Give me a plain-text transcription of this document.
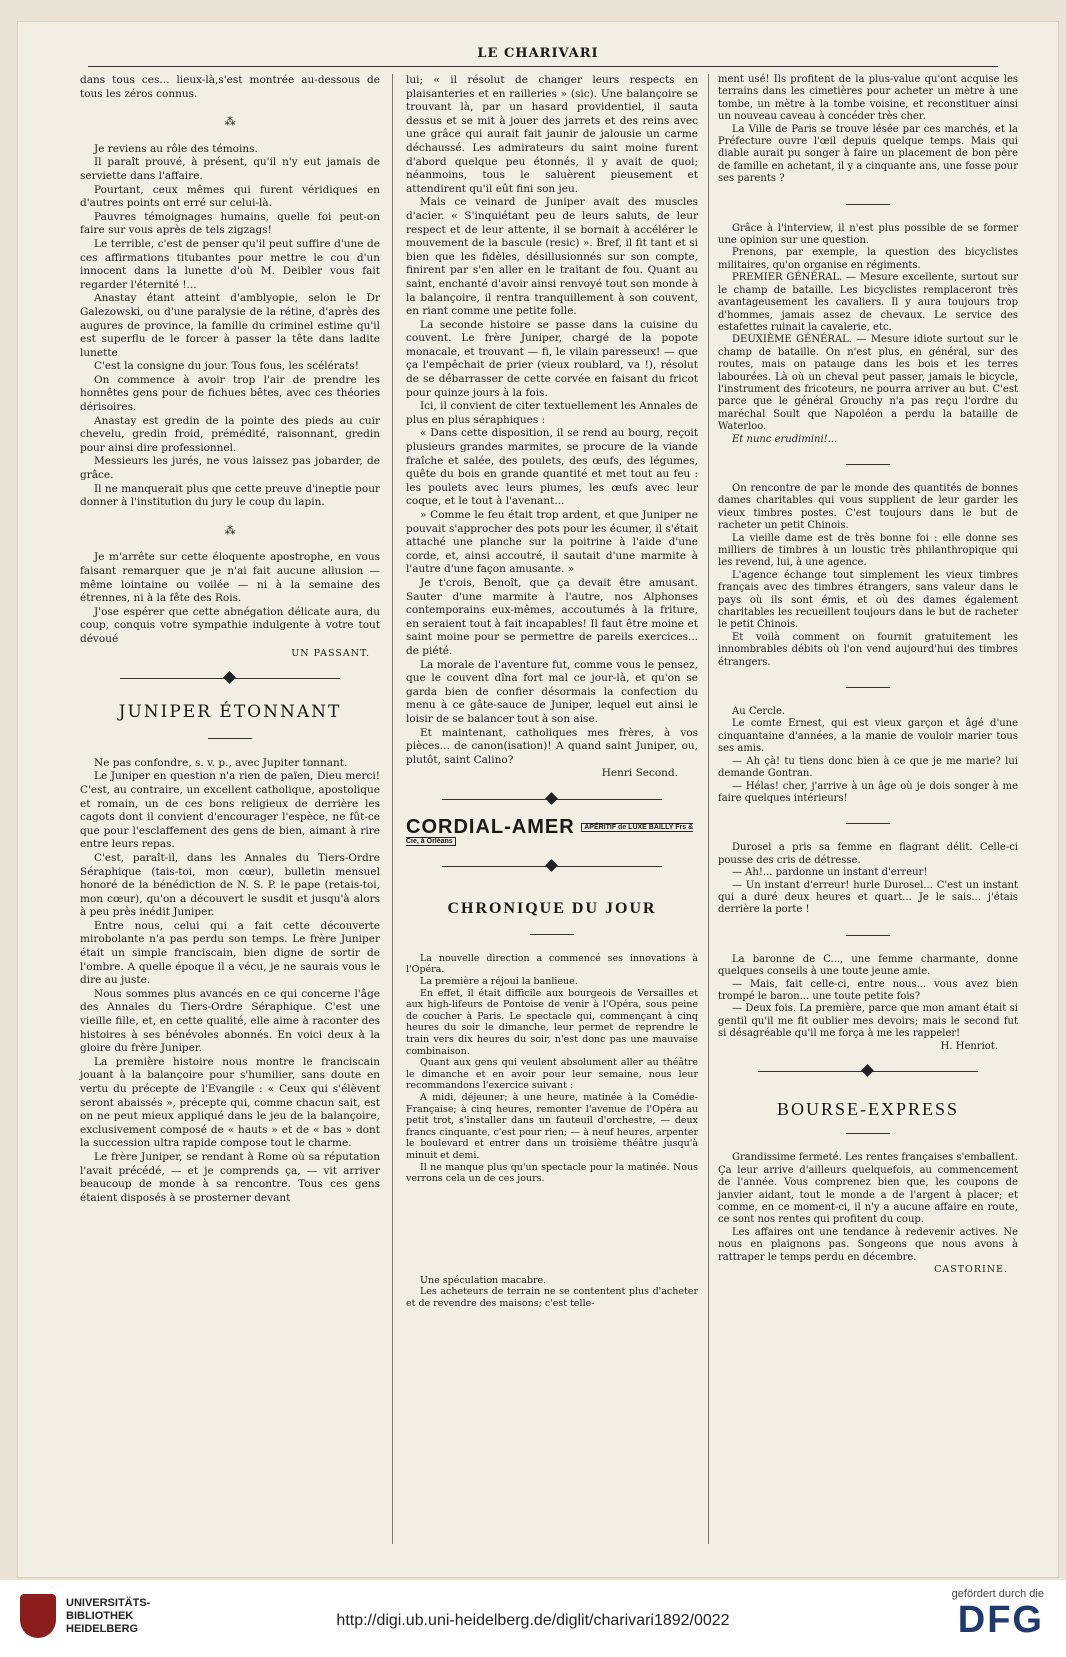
LE CHARIVARI

dans tous ces... lieux-là,s'est montrée au-dessous de tous les zéros connus.

⁂

Je reviens au rôle des témoins.

Il paraît prouvé, à présent, qu'il n'y eut jamais de serviette dans l'affaire.

Pourtant, ceux mêmes qui furent véridiques en d'autres points ont erré sur celui-là.

Pauvres témoignages humains, quelle foi peut-on faire sur vous après de tels zigzags!

Le terrible, c'est de penser qu'il peut suffire d'une de ces affirmations titubantes pour mettre le cou d'un innocent dans la lunette d'où M. Deibler vous fait regarder l'éternité !...

Anastay étant atteint d'amblyopie, selon le Dr Galezowski, ou d'une paralysie de la rétine, d'après des augures de province, la famille du criminel estime qu'il est superflu de le forcer à passer la tête dans ladite lunette

C'est la consigne du jour. Tous fous, les scélérats!

On commence à avoir trop l'air de prendre les honnêtes gens pour de fichues bêtes, avec ces théories dérisoires.

Anastay est gredin de la pointe des pieds au cuir chevelu, gredin froid, prémédité, raisonnant, gredin pour ainsi dire professionnel.

Messieurs les jurés, ne vous laissez pas jobarder, de grâce.

Il ne manquerait plus que cette preuve d'ineptie pour donner à l'institution du jury le coup du lapin.

⁂

Je m'arrête sur cette éloquente apostrophe, en vous faisant remarquer que je n'ai fait aucune allusion — même lointaine ou voilée — ni à la semaine des étrennes, ni à la fête des Rois.

J'ose espérer que cette abnégation délicate aura, du coup, conquis votre sympathie indulgente à votre tout dévoué

UN PASSANT.
JUNIPER ÉTONNANT

Ne pas confondre, s. v. p., avec Jupiter tonnant.

Le Juniper en question n'a rien de païen, Dieu merci! C'est, au contraire, un excellent catholique, apostolique et romain, un de ces bons religieux de derrière les cagots dont il convient d'encourager l'espèce, ne fût-ce que pour l'esclaffement des gens de bien, aimant à rire entre leurs repas.

C'est, paraît-il, dans les Annales du Tiers-Ordre Séraphique (tais-toi, mon cœur), bulletin mensuel honoré de la bénédiction de N. S. P. le pape (retais-toi, mon cœur), qu'on a découvert le susdit et jusqu'à alors à peu près inédit Juniper.

Entre nous, celui qui a fait cette découverte mirobolante n'a pas perdu son temps. Le frère Juniper était un simple franciscain, bien digne de sortir de l'ombre. A quelle époque il a vécu, je ne saurais vous le dire au juste.

Nous sommes plus avancés en ce qui concerne l'âge des Annales du Tiers-Ordre Séraphique. C'est une vieille fille, et, en cette qualité, elle aime à raconter des histoires à ses bénévoles abonnés. En voici deux à la gloire du frère Juniper.

La première histoire nous montre le franciscain jouant à la balançoire pour s'humilier, sans doute en vertu du précepte de l'Evangile : « Ceux qui s'élèvent seront abaissés », précepte qui, comme chacun sait, est on ne peut mieux appliqué dans le jeu de la balançoire, exclusivement composé de « hauts » et de « bas » dont la succession ultra rapide compose tout le charme.

Le frère Juniper, se rendant à Rome où sa réputation l'avait précédé, — et je comprends ça, — vit arriver beaucoup de monde à sa rencontre. Tous ces gens étaient disposés à se prosterner devant

lui; « il résolut de changer leurs respects en plaisanteries et en railleries » (sic). Une balançoire se trouvant là, par un hasard providentiel, il sauta dessus et se mit à jouer des jarrets et des reins avec une grâce qui aurait fait jaunir de jalousie un carme déchaussé. Les admirateurs du saint moine furent d'abord quelque peu étonnés, il y avait de quoi; néanmoins, tous le saluèrent pieusement et attendirent qu'il eût fini son jeu.

Mais ce veinard de Juniper avait des muscles d'acier. « S'inquiétant peu de leurs saluts, de leur respect et de leur attente, il se bornait à accélérer le mouvement de la bascule (resic) ». Bref, il fit tant et si bien que les fidèles, désillusionnés sur son compte, finirent par s'en aller en le traitant de fou. Quant au saint, enchanté d'avoir ainsi renvoyé tout son monde à la balançoire, il rentra tranquillement à son couvent, en riant comme une petite folle.

La seconde histoire se passe dans la cuisine du couvent. Le frère Juniper, chargé de la popote monacale, et trouvant — fi, le vilain paresseux! — que ça l'empêchait de prier (vieux roublard, va !), résolut de se débarrasser de cette corvée en faisant du fricot pour quinze jours à la fois.

Ici, il convient de citer textuellement les Annales de plus en plus séraphiques :

« Dans cette disposition, il se rend au bourg, reçoit plusieurs grandes marmites, se procure de la viande fraîche et salée, des poulets, des œufs, des légumes, quête du bois en grande quantité et met tout au feu : les poulets avec leurs plumes, les œufs avec leur coque, et le tout à l'avenant...

» Comme le feu était trop ardent, et que Juniper ne pouvait s'approcher des pots pour les écumer, il s'était attaché une planche sur la poitrine à l'aide d'une corde, et, ainsi accoutré, il sautait d'une marmite à l'autre d'une façon amusante. »

Je t'crois, Benoît, que ça devait être amusant. Sauter d'une marmite à l'autre, nos Alphonses contemporains eux-mêmes, accoutumés à la friture, en seraient tout à fait incapables! Il faut être moine et saint moine pour se permettre de pareils exercices... de piété.

La morale de l'aventure fut, comme vous le pensez, que le couvent dîna fort mal ce jour-là, et qu'on se garda bien de confier désormais la confection du menu à ce gâte-sauce de Juniper, lequel eut ainsi le loisir de se balancer tout à son aise.

Et maintenant, catholiques mes frères, à vos pièces... de canon(isation)! A quand saint Juniper, ou, plutôt, saint Calino?

Henri Second.
CORDIAL-AMER APÉRITIF de LUXE BAILLY Frs & Cie, à Orléans
CHRONIQUE DU JOUR

La nouvelle direction a commencé ses innovations à l'Opéra.

La première a réjoui la banlieue.

En effet, il était difficile aux bourgeois de Versailles et aux high-lifeurs de Pontoise de venir à l'Opéra, sous peine de coucher à Paris. Le spectacle qui, commençant à cinq heures du soir le dimanche, leur permet de reprendre le train vers dix heures du soir, n'est donc pas une mauvaise combinaison.

Quant aux gens qui veulent absolument aller au théâtre le dimanche et en avoir pour leur semaine, nous leur recommandons l'exercice suivant :

A midi, déjeuner; à une heure, matinée à la Comédie-Française; à cinq heures, remonter l'avenue de l'Opéra au petit trot, s'installer dans un fauteuil d'orchestre, — deux francs cinquante, c'est pour rien; — à neuf heures, arpenter le boulevard et entrer dans un troisième théâtre jusqu'à minuit et demi.

Il ne manque plus qu'un spectacle pour la matinée. Nous verrons cela un de ces jours.

Une spéculation macabre.

Les acheteurs de terrain ne se contentent plus d'acheter et de revendre des maisons; c'est telle-

ment usé! Ils profitent de la plus-value qu'ont acquise les terrains dans les cimetières pour acheter un mètre à une tombe, un mètre à la tombe voisine, et reconstituer ainsi un nouveau caveau à concéder très cher.

La Ville de Paris se trouve lésée par ces marchés, et la Préfecture ouvre l'œil depuis quelque temps. Mais qui diable aurait pu songer à faire un placement de bon père de famille en achetant, il y a cinquante ans, une fosse pour ses parents ?

Grâce à l'interview, il n'est plus possible de se former une opinion sur une question.

Prenons, par exemple, la question des bicyclistes militaires, qu'on organise en régiments.

PREMIER GÉNÉRAL. — Mesure excellente, surtout sur le champ de bataille. Les bicyclistes remplaceront très avantageusement les cavaliers. Il y aura toujours trop d'hommes, jamais assez de chevaux. Le service des estafettes ruinait la cavalerie, etc.

DEUXIÈME GÉNÉRAL. — Mesure idiote surtout sur le champ de bataille. On n'est plus, en général, sur des routes, mais on patauge dans les bois et les terres labourées. Là où un cheval peut passer, jamais le bicycle, l'instrument des fricoteurs, ne pourra arriver au but. C'est parce que le général Grouchy n'a pas reçu l'ordre du maréchal Soult que Napoléon a perdu la bataille de Waterloo.

Et nunc erudimini!...

On rencontre de par le monde des quantités de bonnes dames charitables qui vous supplient de leur garder les vieux timbres postes. C'est toujours dans le but de racheter un petit Chinois.

La vieille dame est de très bonne foi : elle donne ses milliers de timbres à un loustic très philanthropique qui les revend, lui, à une agence.

L'agence échange tout simplement les vieux timbres français avec des timbres étrangers, sans valeur dans le pays où ils sont émis, et où des dames également charitables les recueillent toujours dans le but de racheter le petit Chinois.

Et voilà comment on fournit gratuitement les innombrables débits où l'on vend aujourd'hui des timbres étrangers.

Au Cercle.

Le comte Ernest, qui est vieux garçon et âgé d'une cinquantaine d'années, a la manie de vouloir marier tous ses amis.

— Ah çà! tu tiens donc bien à ce que je me marie? lui demande Gontran.

— Hélas! cher, j'arrive à un âge où je dois songer à me faire quelques intérieurs!

Durosel a pris sa femme en flagrant délit. Celle-ci pousse des cris de détresse.

— Ah!... pardonne un instant d'erreur!

— Un instant d'erreur! hurle Durosel... C'est un instant qui a duré deux heures et quart... Je le sais... j'étais derrière la porte !

La baronne de C..., une femme charmante, donne quelques conseils à une toute jeune amie.

— Mais, fait celle-ci, entre nous... vous avez bien trompé le baron... une toute petite fois?

— Deux fois. La première, parce que mon amant était si gentil qu'il me fit oublier mes devoirs; mais le second fut si désagréable qu'il me força à me les rappeler!

H. Henriot.
BOURSE-EXPRESS

Grandissime fermeté. Les rentes françaises s'emballent. Ça leur arrive d'ailleurs quelquefois, au commencement de l'année. Vous comprenez bien que, les coupons de janvier aidant, tout le monde a de l'argent à placer; et comme, en ce moment-ci, il n'y a aucune affaire en route, ce sont nos rentes qui profitent du coup.

Les affaires ont une tendance à redevenir actives. Ne nous en plaignons pas. Songeons que nous avons à rattraper le temps perdu en décembre.

CASTORINE.
UNIVERSITÄTS-
BIBLIOTHEK
HEIDELBERG	http://digi.ub.uni-heidelberg.de/diglit/charivari1892/0022
gefördert durch die
DFG
